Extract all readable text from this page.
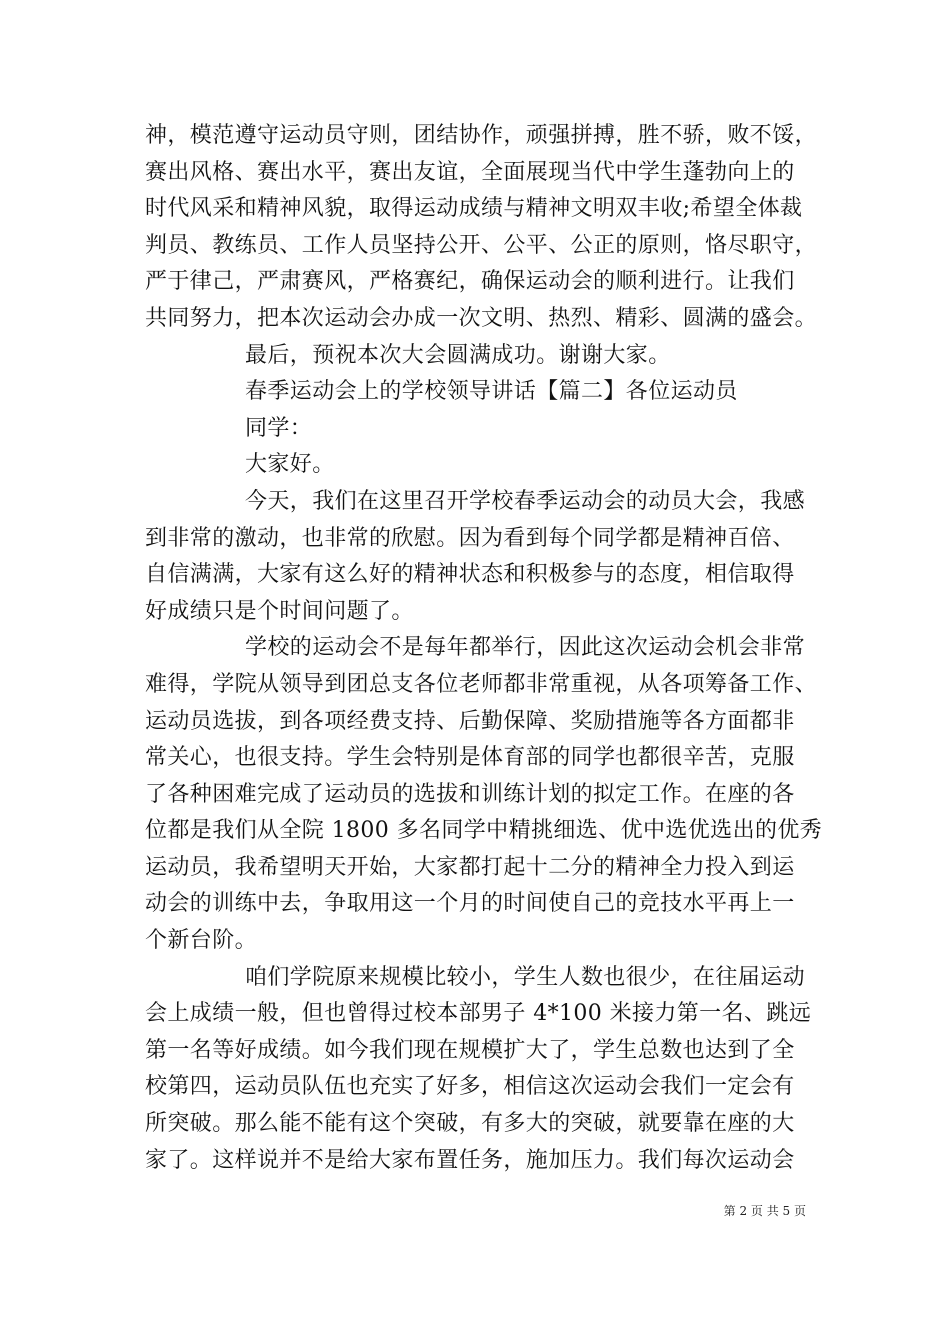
神，模范遵守运动员守则，团结协作，顽强拼搏，胜不骄，败不馁，
赛出风格、赛出水平，赛出友谊，全面展现当代中学生蓬勃向上的
时代风采和精神风貌，取得运动成绩与精神文明双丰收;希望全体裁
判员、教练员、工作人员坚持公开、公平、公正的原则，恪尽职守，
严于律己，严肃赛风，严格赛纪，确保运动会的顺利进行。让我们
共同努力，把本次运动会办成一次文明、热烈、精彩、圆满的盛会。
最后，预祝本次大会圆满成功。谢谢大家。
春季运动会上的学校领导讲话【篇二】各位运动员
同学：
大家好。
今天，我们在这里召开学校春季运动会的动员大会，我感
到非常的激动，也非常的欣慰。因为看到每个同学都是精神百倍、
自信满满，大家有这么好的精神状态和积极参与的态度，相信取得
好成绩只是个时间问题了。
学校的运动会不是每年都举行，因此这次运动会机会非常
难得，学院从领导到团总支各位老师都非常重视，从各项筹备工作、
运动员选拔，到各项经费支持、后勤保障、奖励措施等各方面都非
常关心，也很支持。学生会特别是体育部的同学也都很辛苦，克服
了各种困难完成了运动员的选拔和训练计划的拟定工作。在座的各
位都是我们从全院 1800 多名同学中精挑细选、优中选优选出的优秀
运动员，我希望明天开始，大家都打起十二分的精神全力投入到运
动会的训练中去，争取用这一个月的时间使自己的竞技水平再上一
个新台阶。
咱们学院原来规模比较小，学生人数也很少，在往届运动
会上成绩一般，但也曾得过校本部男子 4*100 米接力第一名、跳远
第一名等好成绩。如今我们现在规模扩大了，学生总数也达到了全
校第四，运动员队伍也充实了好多，相信这次运动会我们一定会有
所突破。那么能不能有这个突破，有多大的突破，就要靠在座的大
家了。这样说并不是给大家布置任务，施加压力。我们每次运动会
第 2 页 共 5 页
